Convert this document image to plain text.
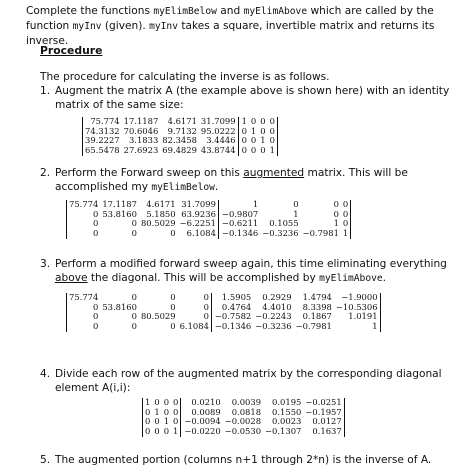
Complete the functions myElimBelow and myElimAbove which are called by the function myInv (given). myInv takes a square, invertible matrix and returns its inverse.
Procedure
The procedure for calculating the inverse is as follows.
1. Augment the matrix A (the example above is shown here) with an identity
matrix of the same size:
75.774	17.1187	4.6171	31.7099	1	0	0	0
74.3132	70.6046	9.7132	95.0222	0	1	0	0
39.2227	3.1833	82.3458	3.4446	0	0	1	0
65.5478	27.6923	69.4829	43.8744	0	0	0	1
2. Perform the Forward sweep on this augmented matrix. This will be
accomplished my myElimBelow.
75.774	17.1187	4.6171	31.7099	1	0	0	0
0	53.8160	5.1850	63.9236	−0.9807	1	0	0
0	0	80.5029	−6.2251	−0.6211	0.1055	1	0
0	0	0	6.1084	−0.1346	−0.3236	−0.7981	1
3. Perform a modified forward sweep again, this time eliminating everything
above the diagonal. This will be accomplished by myElimAbove.
75.774	0	0	0	1.5905	0.2929	1.4794	−1.9000
0	53.8160	0	0	0.4764	4.4010	8.3398	−10.5306
0	0	80.5029	0	−0.7582	−0.2243	0.1867	1.0191
0	0	0	6.1084	−0.1346	−0.3236	−0.7981	1
4. Divide each row of the augmented matrix by the corresponding diagonal
element A(i,i):
1	0	0	0	0.0210	0.0039	0.0195	−0.0251
0	1	0	0	0.0089	0.0818	0.1550	−0.1957
0	0	1	0	−0.0094	−0.0028	0.0023	0.0127
0	0	0	1	−0.0220	−0.0530	−0.1307	0.1637
5. The augmented portion (columns n+1 through 2*n) is the inverse of A.
